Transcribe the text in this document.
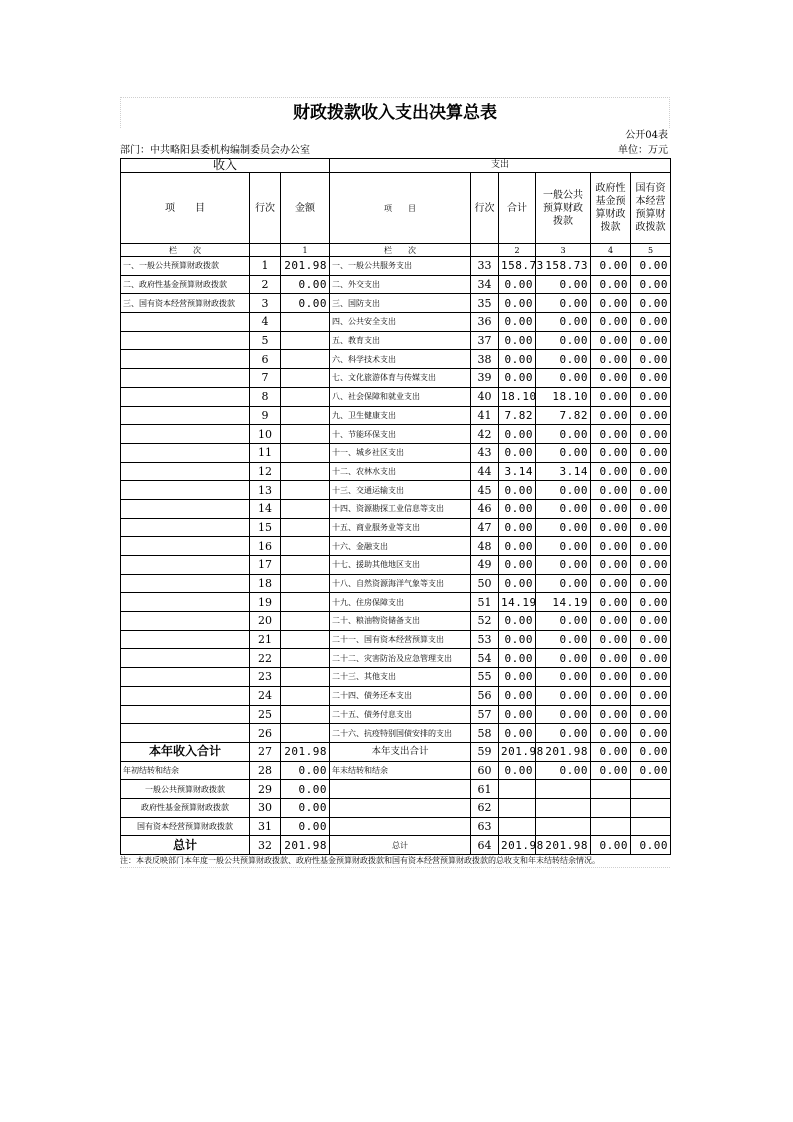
财政拨款收入支出决算总表
公开04表
部门：中共略阳县委机构编制委员会办公室	单位：万元
收入			支出					
项　　目	行次	金额	项　　目	行次	合计	一般公共预算财政拨款	政府性基金预算财政拨款	国有资本经营预算财政拨款
栏　　次		1	栏　　次		2	3	4	5
一、一般公共预算财政拨款	1	201.98	一、一般公共服务支出	33	158.73	158.73	0.00	0.00
二、政府性基金预算财政拨款	2	0.00	二、外交支出	34	0.00	0.00	0.00	0.00
三、国有资本经营预算财政拨款	3	0.00	三、国防支出	35	0.00	0.00	0.00	0.00
	4		四、公共安全支出	36	0.00	0.00	0.00	0.00
	5		五、教育支出	37	0.00	0.00	0.00	0.00
	6		六、科学技术支出	38	0.00	0.00	0.00	0.00
	7		七、文化旅游体育与传媒支出	39	0.00	0.00	0.00	0.00
	8		八、社会保障和就业支出	40	18.10	18.10	0.00	0.00
	9		九、卫生健康支出	41	7.82	7.82	0.00	0.00
	10		十、节能环保支出	42	0.00	0.00	0.00	0.00
	11		十一、城乡社区支出	43	0.00	0.00	0.00	0.00
	12		十二、农林水支出	44	3.14	3.14	0.00	0.00
	13		十三、交通运输支出	45	0.00	0.00	0.00	0.00
	14		十四、资源勘探工业信息等支出	46	0.00	0.00	0.00	0.00
	15		十五、商业服务业等支出	47	0.00	0.00	0.00	0.00
	16		十六、金融支出	48	0.00	0.00	0.00	0.00
	17		十七、援助其他地区支出	49	0.00	0.00	0.00	0.00
	18		十八、自然资源海洋气象等支出	50	0.00	0.00	0.00	0.00
	19		十九、住房保障支出	51	14.19	14.19	0.00	0.00
	20		二十、粮油物资储备支出	52	0.00	0.00	0.00	0.00
	21		二十一、国有资本经营预算支出	53	0.00	0.00	0.00	0.00
	22		二十二、灾害防治及应急管理支出	54	0.00	0.00	0.00	0.00
	23		二十三、其他支出	55	0.00	0.00	0.00	0.00
	24		二十四、债务还本支出	56	0.00	0.00	0.00	0.00
	25		二十五、债务付息支出	57	0.00	0.00	0.00	0.00
	26		二十六、抗疫特别国债安排的支出	58	0.00	0.00	0.00	0.00
本年收入合计	27	201.98	本年支出合计	59	201.98	201.98	0.00	0.00
年初结转和结余	28	0.00	年末结转和结余	60	0.00	0.00	0.00	0.00
一般公共预算财政拨款	29	0.00		61				
政府性基金预算财政拨款	30	0.00		62				
国有资本经营预算财政拨款	31	0.00		63				
总计	32	201.98	总计	64	201.98	201.98	0.00	0.00
注：本表反映部门本年度一般公共预算财政拨款、政府性基金预算财政拨款和国有资本经营预算财政拨款的总收支和年末结转结余情况。
